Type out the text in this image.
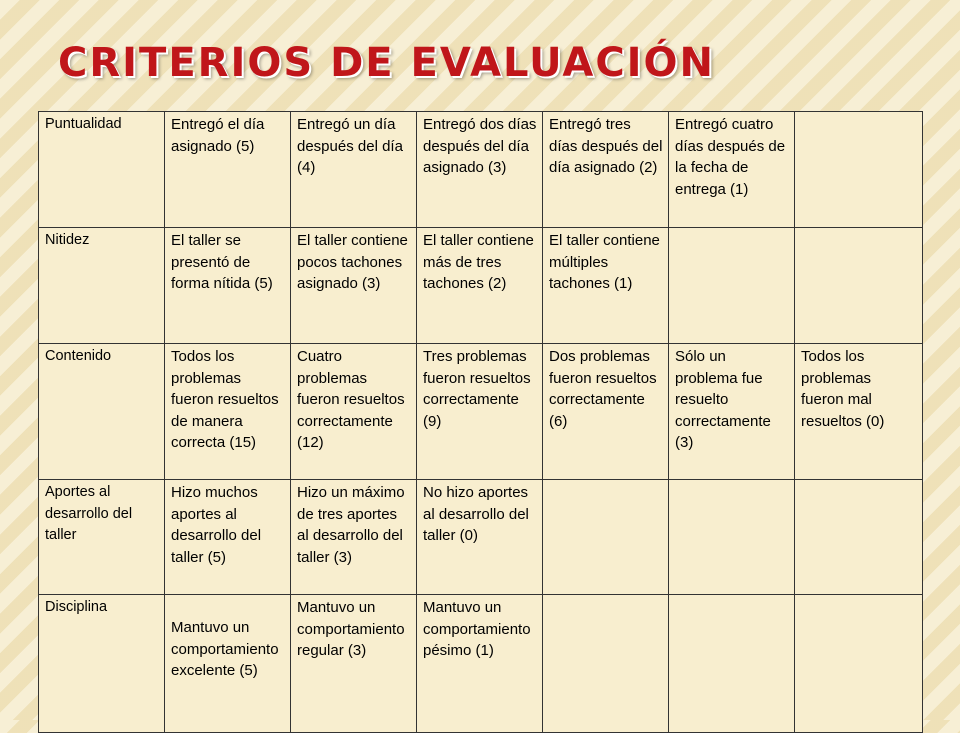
CRITERIOS DE EVALUACIÓN
Puntualidad	Entregó el día asignado (5)	Entregó un día después del día (4)	Entregó dos días después del día asignado (3)	Entregó tres días después del día asignado (2)	Entregó cuatro días después de la fecha de entrega (1)	
Nitidez	El taller se presentó de forma nítida (5)	El taller contiene pocos tachones asignado (3)	El taller contiene más de tres tachones (2)	El taller contiene múltiples tachones (1)		
Contenido	Todos los problemas fueron resueltos de manera correcta (15)	Cuatro problemas fueron resueltos correctamente (12)	Tres problemas fueron resueltos correctamente (9)	Dos problemas fueron resueltos correctamente (6)	Sólo un problema fue resuelto correctamente (3)	Todos los problemas fueron mal resueltos (0)
Aportes al desarrollo del taller	Hizo muchos aportes al desarrollo del taller (5)	Hizo un máximo de tres aportes al desarrollo del taller (3)	No hizo aportes al desarrollo del taller (0)			
Disciplina	Mantuvo un comportamiento excelente (5)	Mantuvo un comportamiento regular (3)	Mantuvo un comportamiento pésimo (1)			
